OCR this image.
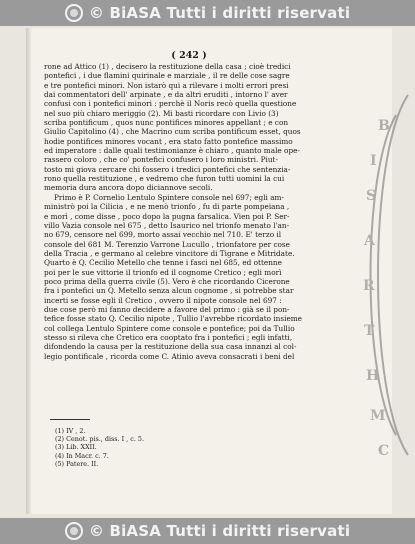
© BiASA Tutti i diritti riservati
( 242 )
rone ad Attico (1) , decisero la restituzione della casa ; cioè tredici
pontefici , i due flamini quirinale e marziale , il re delle cose sagre
e tre pontefici minori. Non istarò qui a rilevare i molti errori presi
dai commentatori dell' arpinate , e da altri eruditi , intorno l' aver
confusi con i pontefici minori : perchè il Noris recò quella questione
nel suo più chiaro meriggio (2). Mi basti ricordare con Livio (3)
scriba pontificum , quos nunc pontifices minores appellant ; e con
Giulio Capitolino (4) , che Macrino cum scriba pontificum esset, quos
hodie pontifices minores vocant , era stato fatto pontefice massimo
ed imperatore : dalle quali testimonianze è chiaro , quanto male ope-
rassero coloro , che co' pontefici confusero i loro ministri. Piut-
tosto mi giova cercare chi fossero i tredici pontefici che sentenzia-
rono quella restituzione , e vedremo che furon tutti uomini la cui
memoria dura ancora dopo diciannove secoli.
Primo è P. Cornelio Lentulo Spintere console nel 697; egli am-
ministrò poi la Cilicia , e ne menò trionfo , fu di parte pompeiana ,
e morì , come disse , poco dopo la pugna farsalica. Vien poi P. Ser-
villo Vazia console nel 675 , detto Isaurico nel trionfo menato l'an-
no 679, censore nel 699, morto assai vecchio nel 710. E' terzo il
console del 681 M. Terenzio Varrone Lucullo , trionfatore per cose
della Tracia , e germano al celebre vincitore di Tigrane e Mitridate.
Quarto è Q. Cecilio Metello che tenne i fasci nel 685, ed ottenne
poi per le sue vittorie il trionfo ed il cognome Cretico ; egli morì
poco prima della guerra civile (5). Vero è che ricordando Cicerone
fra i pontefici un Q. Metello senza alcun cognome , si potrebbe star
incerti se fosse egli il Cretico , ovvero il nipote console nel 697 :
due cose però mi fanno decidere a favore del primo : già se il pon-
tefice fosse stato Q. Cecilio nipote , Tullio l'avrebbe ricordato insieme
col collega Lentulo Spintere come console e pontefice; poi da Tullio
stesso si rileva che Cretico era cooptato fra i pontefici ; egli infatti,
difondendo la causa per la restituzione della sua casa innanzi al col-
legio pontificale , ricorda come C. Atinio aveva consacrati i beni del
(1) IV , 2.
(2) Cenot. pis., diss. I , c. 5.
(3) Lib. XXII.
(4) In Macr. c. 7.
(5) Patere. II.
B
I
S
A
R
T
H
M
C
© BiASA Tutti i diritti riservati
